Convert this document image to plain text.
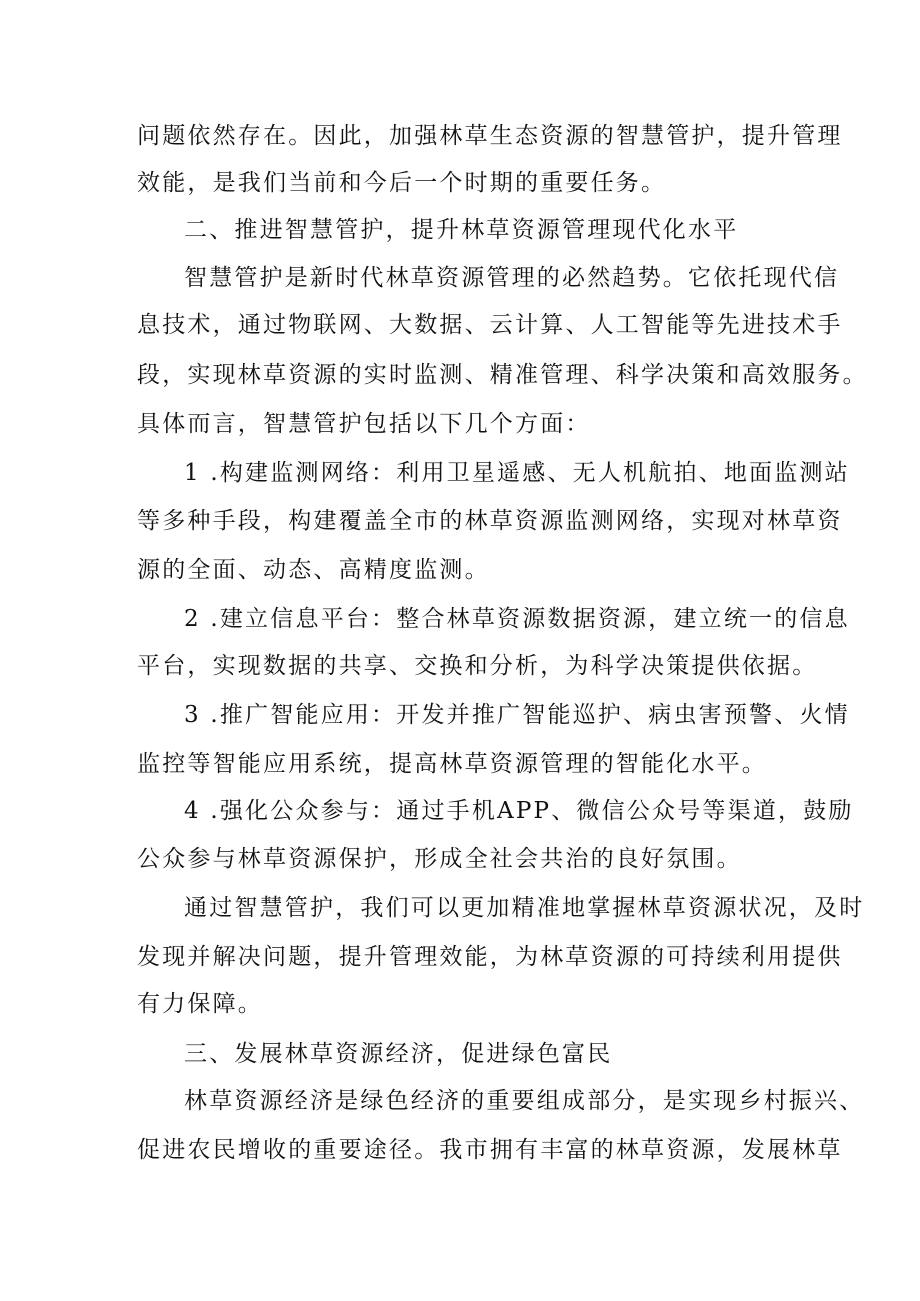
问题依然存在。因此，加强林草生态资源的智慧管护，提升管理
效能，是我们当前和今后一个时期的重要任务。
二、推进智慧管护，提升林草资源管理现代化水平
智慧管护是新时代林草资源管理的必然趋势。它依托现代信
息技术，通过物联网、大数据、云计算、人工智能等先进技术手
段，实现林草资源的实时监测、精准管理、科学决策和高效服务。
具体而言，智慧管护包括以下几个方面：
1 .构建监测网络：利用卫星遥感、无人机航拍、地面监测站
等多种手段，构建覆盖全市的林草资源监测网络，实现对林草资
源的全面、动态、高精度监测。
2 .建立信息平台：整合林草资源数据资源，建立统一的信息
平台，实现数据的共享、交换和分析，为科学决策提供依据。
3 .推广智能应用：开发并推广智能巡护、病虫害预警、火情
监控等智能应用系统，提高林草资源管理的智能化水平。
4 .强化公众参与：通过手机APP、微信公众号等渠道，鼓励
公众参与林草资源保护，形成全社会共治的良好氛围。
通过智慧管护，我们可以更加精准地掌握林草资源状况，及时
发现并解决问题，提升管理效能，为林草资源的可持续利用提供
有力保障。
三、发展林草资源经济，促进绿色富民
林草资源经济是绿色经济的重要组成部分，是实现乡村振兴、
促进农民增收的重要途径。我市拥有丰富的林草资源，发展林草
